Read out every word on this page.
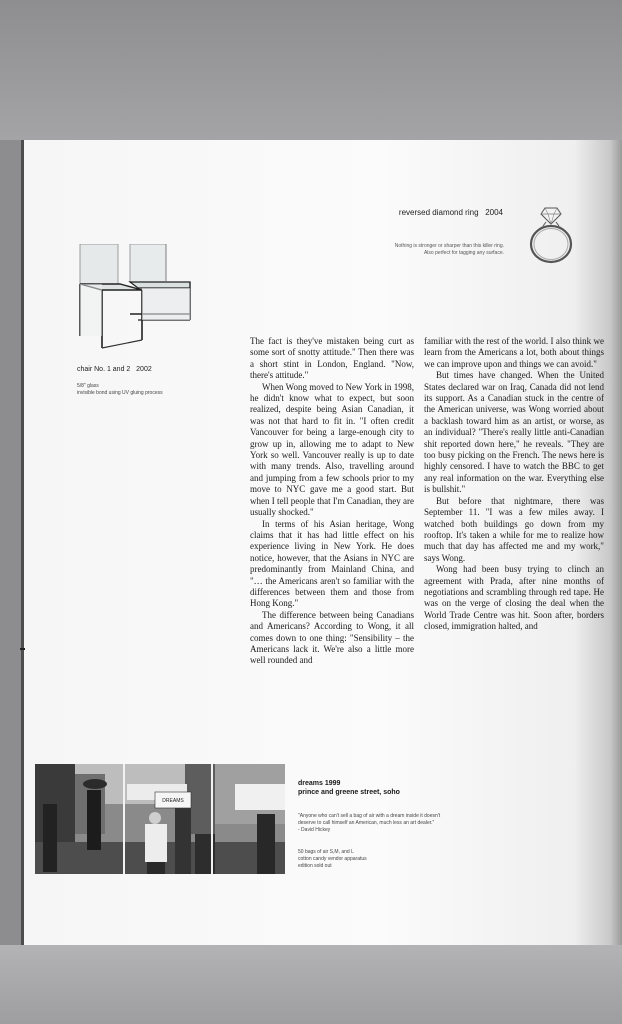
reversed diamond ring 2004
Nothing is stronger or sharper than this killer ring.
Also perfect for tagging any surface.
chair No. 1 and 2 2002
5/8" glass
invisible bond using UV gluing process

The fact is they've mistaken being curt as some sort of snotty attitude." Then there was a short stint in London, England. "Now, there's attitude."

When Wong moved to New York in 1998, he didn't know what to expect, but soon realized, despite being Asian Canadian, it was not that hard to fit in. "I often credit Vancouver for being a large-enough city to grow up in, allowing me to adapt to New York so well. Vancouver really is up to date with many trends. Also, travelling around and jumping from a few schools prior to my move to NYC gave me a good start. But when I tell people that I'm Canadian, they are usually shocked."

In terms of his Asian heritage, Wong claims that it has had little effect on his experience living in New York. He does notice, however, that the Asians in NYC are predominantly from Mainland China, and "… the Americans aren't so familiar with the differences between them and those from Hong Kong."

The difference between being Canadians and Americans? According to Wong, it all comes down to one thing: "Sensibility – the Americans lack it. We're also a little more well rounded and

familiar with the rest of the world. I also think we learn from the Americans a lot, both about things we can improve upon and things we can avoid."

But times have changed. When the United States declared war on Iraq, Canada did not lend its support. As a Canadian stuck in the centre of the American universe, was Wong worried about a backlash toward him as an artist, or worse, as an individual? "There's really little anti-Canadian shit reported down here," he reveals. "They are too busy picking on the French. The news here is highly censored. I have to watch the BBC to get any real information on the war. Everything else is bullshit."

But before that nightmare, there was September 11. "I was a few miles away. I watched both buildings go down from my rooftop. It's taken a while for me to realize how much that day has affected me and my work," says Wong.

Wong had been busy trying to clinch an agreement with Prada, after nine months of negotiations and scrambling through red tape. He was on the verge of closing the deal when the World Trade Centre was hit. Soon after, borders closed, immigration halted, and

DREAMS
dreams 1999
prince and greene street, soho
"Anyone who can't sell a bag of air with a dream inside it doesn't
deserve to call himself an American, much less an art dealer."
- David Hickey
50 bags of air S,M, and L
cotton candy vendor apparatus
edition sold out
